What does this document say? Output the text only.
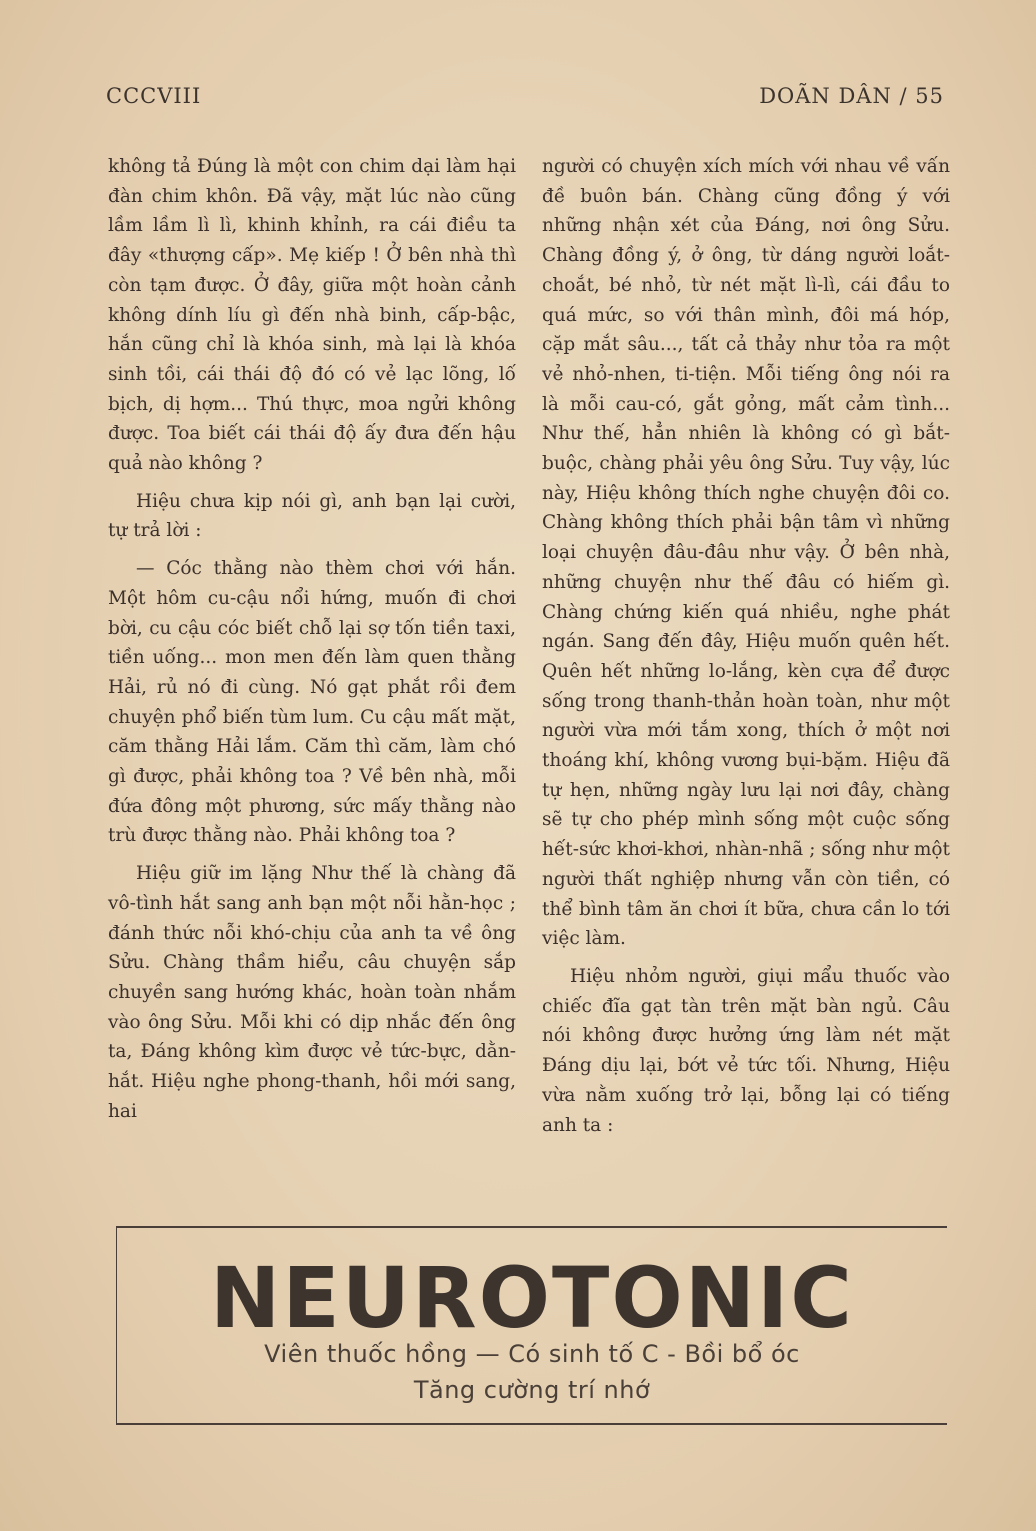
CCCVIII	DOÃN DÂN / 55

không tả Đúng là một con chim dại làm hại đàn chim khôn. Đã vậy, mặt lúc nào cũng lầm lầm lì lì, khinh khỉnh, ra cái điều ta đây «thượng cấp». Mẹ kiếp ! Ở bên nhà thì còn tạm được. Ở đây, giữa một hoàn cảnh không dính líu gì đến nhà binh, cấp-bậc, hắn cũng chỉ là khóa sinh, mà lại là khóa sinh tồi, cái thái độ đó có vẻ lạc lõng, lố bịch, dị hợm... Thú thực, moa ngửi không được. Toa biết cái thái độ ấy đưa đến hậu quả nào không ?

Hiệu chưa kịp nói gì, anh bạn lại cười, tự trả lời :

— Cóc thằng nào thèm chơi với hắn. Một hôm cu-cậu nổi hứng, muốn đi chơi bời, cu cậu cóc biết chỗ lại sợ tốn tiền taxi, tiền uống... mon men đến làm quen thằng Hải, rủ nó đi cùng. Nó gạt phắt rồi đem chuyện phổ biến tùm lum. Cu cậu mất mặt, căm thằng Hải lắm. Căm thì căm, làm chó gì được, phải không toa ? Về bên nhà, mỗi đứa đông một phương, sức mấy thằng nào trù được thằng nào. Phải không toa ?

Hiệu giữ im lặng Như thế là chàng đã vô-tình hắt sang anh bạn một nỗi hằn-học ; đánh thức nỗi khó-chịu của anh ta về ông Sửu. Chàng thầm hiểu, câu chuyện sắp chuyền sang hướng khác, hoàn toàn nhắm vào ông Sửu. Mỗi khi có dịp nhắc đến ông ta, Đáng không kìm được vẻ tức-bực, dằn-hắt. Hiệu nghe phong-thanh, hồi mới sang, hai

người có chuyện xích mích với nhau về vấn đề buôn bán. Chàng cũng đồng ý với những nhận xét của Đáng, nơi ông Sửu. Chàng đồng ý, ở ông, từ dáng người loắt-choắt, bé nhỏ, từ nét mặt lì-lì, cái đầu to quá mức, so với thân mình, đôi má hóp, cặp mắt sâu..., tất cả thảy như tỏa ra một vẻ nhỏ-nhen, ti-tiện. Mỗi tiếng ông nói ra là mỗi cau-có, gắt gỏng, mất cảm tình... Như thế, hẳn nhiên là không có gì bắt-buộc, chàng phải yêu ông Sửu. Tuy vậy, lúc này, Hiệu không thích nghe chuyện đôi co. Chàng không thích phải bận tâm vì những loại chuyện đâu-đâu như vậy. Ở bên nhà, những chuyện như thế đâu có hiếm gì. Chàng chứng kiến quá nhiều, nghe phát ngán. Sang đến đây, Hiệu muốn quên hết. Quên hết những lo-lắng, kèn cựa để được sống trong thanh-thản hoàn toàn, như một người vừa mới tắm xong, thích ở một nơi thoáng khí, không vương bụi-bặm. Hiệu đã tự hẹn, những ngày lưu lại nơi đây, chàng sẽ tự cho phép mình sống một cuộc sống hết-sức khơi-khơi, nhàn-nhã ; sống như một người thất nghiệp nhưng vẫn còn tiền, có thể bình tâm ăn chơi ít bữa, chưa cần lo tới việc làm.

Hiệu nhỏm người, giụi mẩu thuốc vào chiếc đĩa gạt tàn trên mặt bàn ngủ. Câu nói không được hưởng ứng làm nét mặt Đáng dịu lại, bớt vẻ tức tối. Nhưng, Hiệu vừa nằm xuống trở lại, bỗng lại có tiếng anh ta :

NEUROTONIC
Viên thuốc hồng — Có sinh tố C - Bồi bổ óc
Tăng cường trí nhớ
